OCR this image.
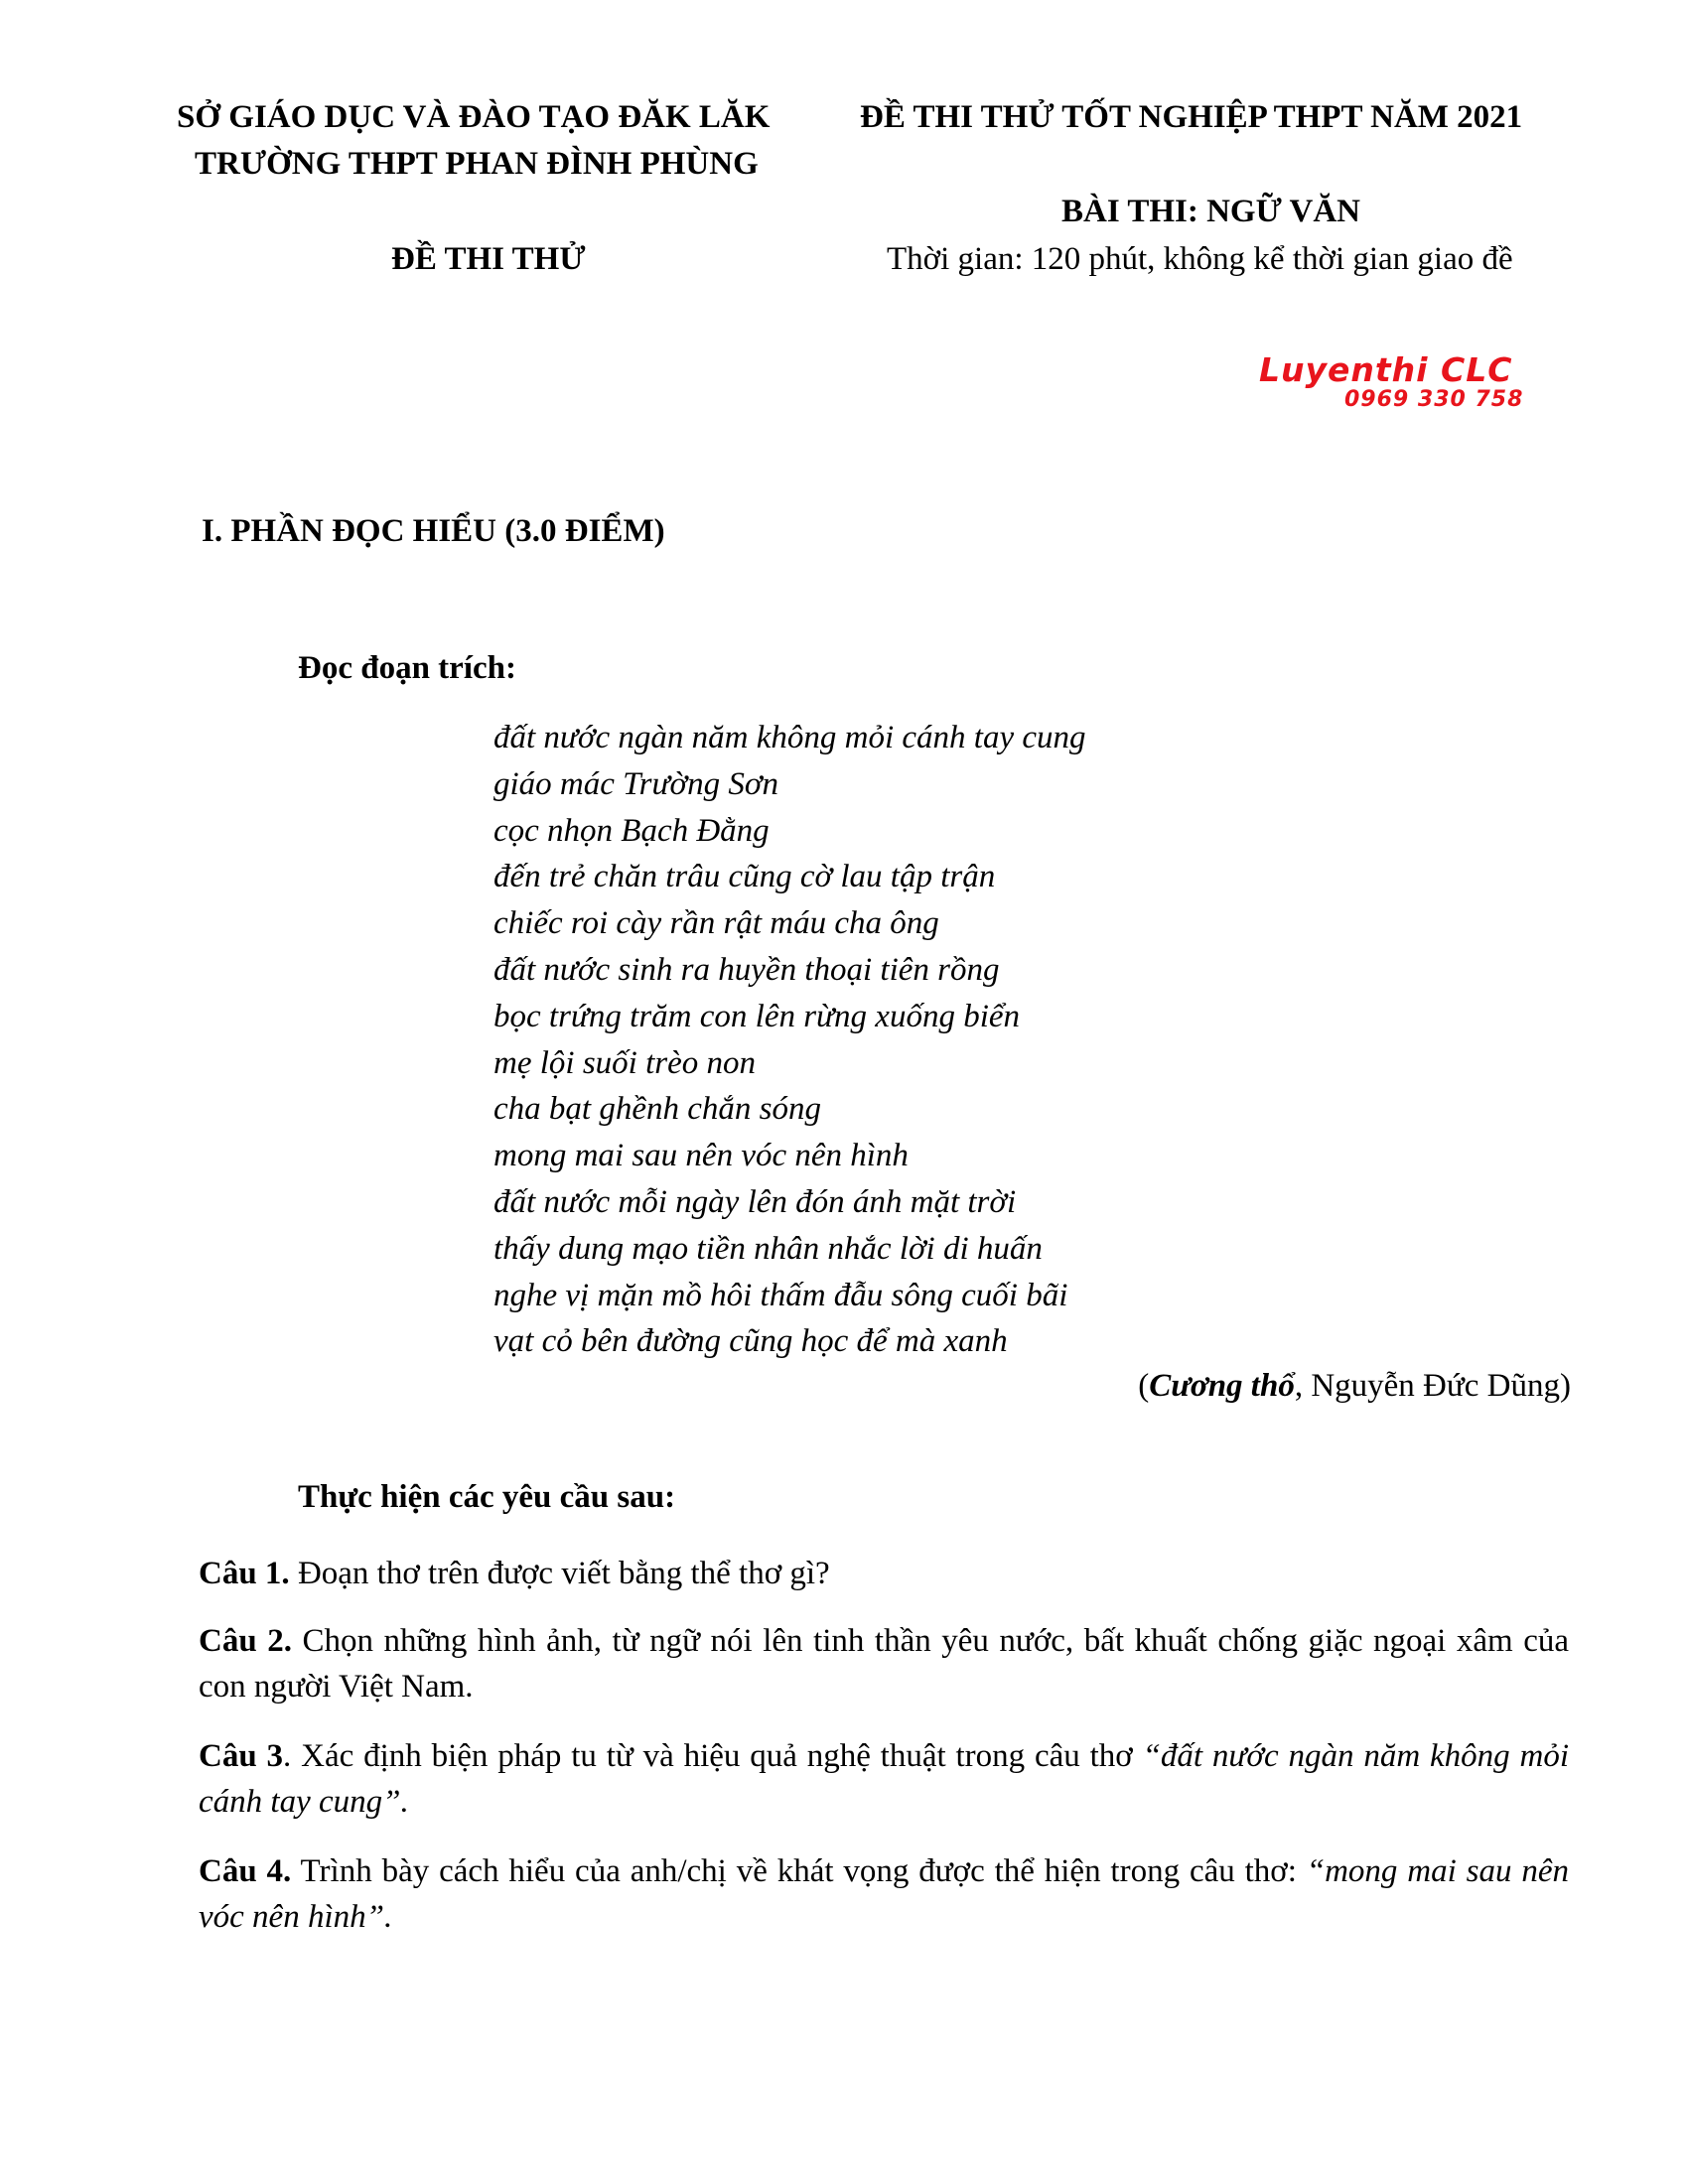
SỞ GIÁO DỤC VÀ ĐÀO TẠO ĐĂK LĂK
TRƯỜNG THPT PHAN ĐÌNH PHÙNG
ĐỀ THI THỬ TỐT NGHIỆP THPT NĂM 2021
BÀI THI: NGỮ VĂN
ĐỀ THI THỬ	Thời gian: 120 phút, không kể thời gian giao đề
Luyenthi CLC
0969 330 758
I. PHẦN ĐỌC HIỂU (3.0 ĐIỂM)
Đọc đoạn trích:
đất nước ngàn năm không mỏi cánh tay cung
giáo mác Trường Sơn
cọc nhọn Bạch Đằng
đến trẻ chăn trâu cũng cờ lau tập trận
chiếc roi cày rần rật máu cha ông
đất nước sinh ra huyền thoại tiên rồng
bọc trứng trăm con lên rừng xuống biển
mẹ lội suối trèo non
cha bạt ghềnh chắn sóng
mong mai sau nên vóc nên hình
đất nước mỗi ngày lên đón ánh mặt trời
thấy dung mạo tiền nhân nhắc lời di huấn
nghe vị mặn mồ hôi thấm đẫu sông cuối bãi
vạt cỏ bên đường cũng học để mà xanh
(Cương thổ, Nguyễn Đức Dũng)
Thực hiện các yêu cầu sau:
Câu 1. Đoạn thơ trên được viết bằng thể thơ gì?
Câu 2. Chọn những hình ảnh, từ ngữ nói lên tinh thần yêu nước, bất khuất chống giặc ngoại xâm của con người Việt Nam.
Câu 3. Xác định biện pháp tu từ và hiệu quả nghệ thuật trong câu thơ “đất nước ngàn năm không mỏi cánh tay cung”.
Câu 4. Trình bày cách hiểu của anh/chị về khát vọng được thể hiện trong câu thơ: “mong mai sau nên vóc nên hình”.
